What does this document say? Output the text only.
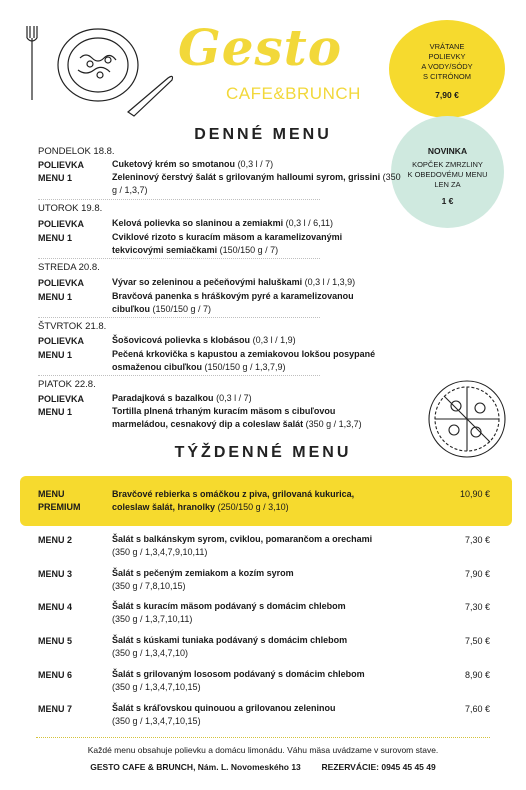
Gesto
CAFE&BRUNCH
VRÁTANE
POLIEVKY
A VODY/SÓDY
S CITRÓNOM
7,90 €
NOVINKA
KOPČEK ZMRZLINY
K OBEDOVÉMU MENU
LEN ZA
1 €
DENNÉ MENU
PONDELOK 18.8.
POLIEVKA	Cuketový krém so smotanou (0,3 l / 7)
MENU 1	Zeleninový čerstvý šalát s grilovaným halloumi syrom, grissini (350 g / 1,3,7)
UTOROK 19.8.
POLIEVKA	Kelová polievka so slaninou a zemiakmi (0,3 l / 6,11)
MENU 1	Cviklové rizoto s kuracím mäsom a karamelizovanými tekvicovými semiačkami (150/150 g / 7)
STREDA 20.8.
POLIEVKA	Vývar so zeleninou a pečeňovými haluškami (0,3 l / 1,3,9)
MENU 1	Bravčová panenka s hráškovým pyré a karamelizovanou cibuľkou (150/150 g / 7)
ŠTVRTOK 21.8.
POLIEVKA	Šošovicová polievka s klobásou (0,3 l / 1,9)
MENU 1	Pečená krkovička s kapustou a zemiakovou lokšou posypané osmaženou cibuľkou (150/150 g / 1,3,7,9)
PIATOK 22.8.
POLIEVKA	Paradajková s bazalkou (0,3 l / 7)
MENU 1	Tortilla plnená trhaným kuracím mäsom s cibuľovou marmeládou, cesnakový dip a coleslaw šalát (350 g / 1,3,7)
TÝŽDENNÉ MENU
MENU
PREMIUM
Bravčové rebierka s omáčkou z piva, grilovaná kukurica,
coleslaw šalát, hranolky (250/150 g / 3,10)
10,90 €
MENU 2	Šalát s balkánskym syrom, cviklou, pomarančom a orechami
(350 g / 1,3,4,7,9,10,11)
7,30 €
MENU 3	Šalát s pečeným zemiakom a kozím syrom
(350 g / 7,8,10,15)
7,90 €
MENU 4	Šalát s kuracím mäsom podávaný s domácim chlebom
(350 g / 1,3,7,10,11)
7,30 €
MENU 5	Šalát s kúskami tuniaka podávaný s domácim chlebom
(350 g / 1,3,4,7,10)
7,50 €
MENU 6	Šalát s grilovaným lososom podávaný s domácim chlebom
(350 g / 1,3,4,7,10,15)
8,90 €
MENU 7	Šalát s kráľovskou quinouou a grilovanou zeleninou
(350 g / 1,3,4,7,10,15)
7,60 €
Každé menu obsahuje polievku a domácu limonádu. Váhu mäsa uvádzame v surovom stave.
GESTO CAFE & BRUNCH, Nám. L. Novomeského 13 REZERVÁCIE: 0945 45 45 49
